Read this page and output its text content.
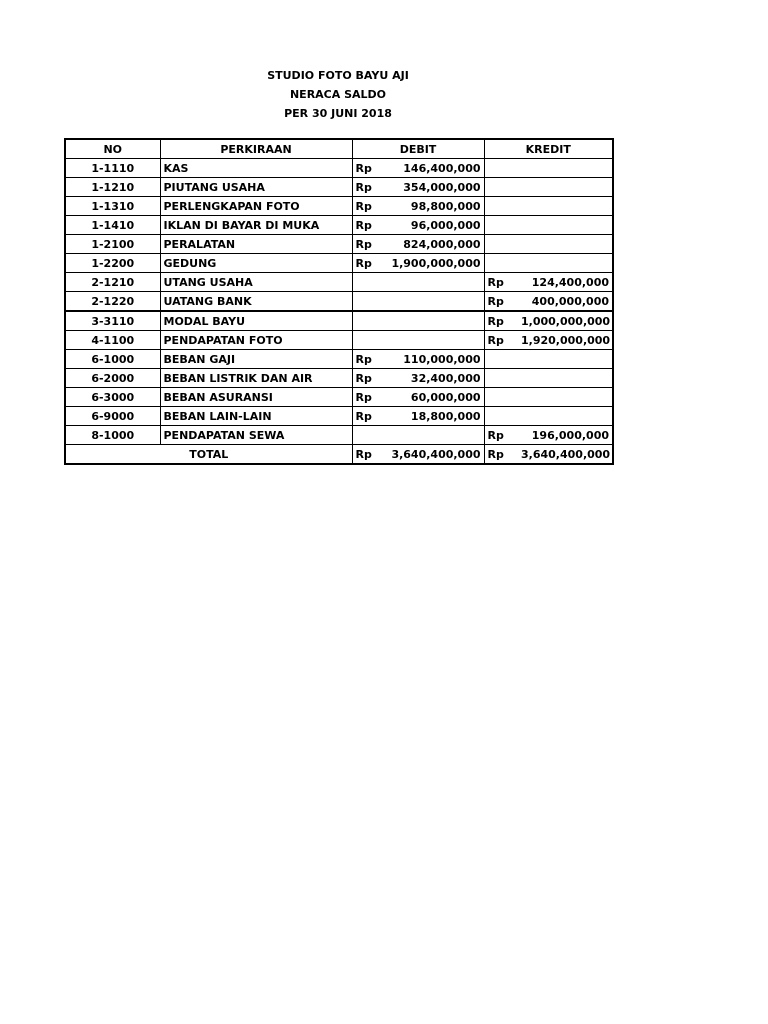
STUDIO FOTO BAYU AJI
NERACA SALDO
PER 30 JUNI 2018
NO	PERKIRAAN	DEBIT		KREDIT	
1-1110	KAS	Rp	146,400,000		
1-1210	PIUTANG USAHA	Rp	354,000,000		
1-1310	PERLENGKAPAN FOTO	Rp	98,800,000		
1-1410	IKLAN DI BAYAR DI MUKA	Rp	96,000,000		
1-2100	PERALATAN	Rp	824,000,000		
1-2200	GEDUNG	Rp	1,900,000,000		
2-1210	UTANG USAHA			Rp	124,400,000
2-1220	UATANG BANK			Rp	400,000,000
3-3110	MODAL BAYU			Rp	1,000,000,000
4-1100	PENDAPATAN FOTO			Rp	1,920,000,000
6-1000	BEBAN GAJI	Rp	110,000,000		
6-2000	BEBAN LISTRIK DAN AIR	Rp	32,400,000		
6-3000	BEBAN ASURANSI	Rp	60,000,000		
6-9000	BEBAN LAIN-LAIN	Rp	18,800,000		
8-1000	PENDAPATAN SEWA			Rp	196,000,000
TOTAL		Rp	3,640,400,000	Rp	3,640,400,000
